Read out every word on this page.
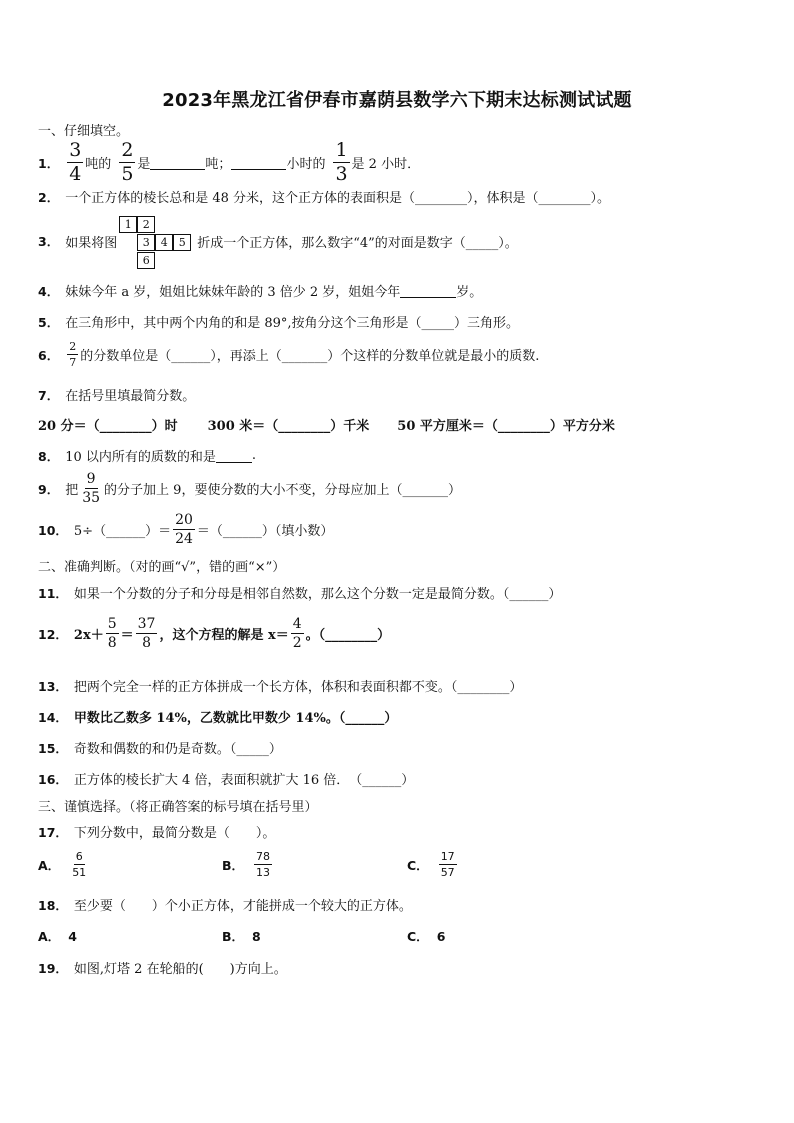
2023年黑龙江省伊春市嘉荫县数学六下期末达标测试试题
一、仔细填空。
1． $\frac{3}{4}$ 吨的 $\frac{2}{5}$ 是	吨；	小时的 $\frac{1}{3}$ 是 2 小时．
2． 一个正方体的棱长总和是 48 分米，这个正方体的表面积是（________），体积是（________）。
3． 如果将图
1	2
3	4	5
6
折成一个正方体，那么数字“4”的对面是数字（_____）。
4． 妹妹今年 a 岁，姐姐比妹妹年龄的 3 倍少 2 岁，姐姐今年	岁。
5． 在三角形中，其中两个内角的和是 89°,按角分这个三角形是（_____）三角形。
6． $\frac{2}{7}$ 的分数单位是（______），再添上（_______）个这样的分数单位就是最小的质数.
7． 在括号里填最简分数。
20 分＝（________）时 300 米＝（________）千米 50 平方厘米＝（________）平方分米
8． 10 以内所有的质数的和是	.
9． 把 $\frac{9}{35}$ 的分子加上 9，要使分数的大小不变，分母应加上（_______）
10． 5÷（______）＝ $\frac{20}{24}$ ＝（______）（填小数）
二、准确判断。（对的画“√”，错的画“×”）
11． 如果一个分数的分子和分母是相邻自然数，那么这个分数一定是最简分数。（______）
12． $2x+ \frac{5}{8} = \frac{37}{8}$ ，这个方程的解是 $x= \frac{4}{2}$ 。（________）
13． 把两个完全一样的正方体拼成一个长方体，体积和表面积都不变。（________）
14． 甲数比乙数多 14%，乙数就比甲数少 14%。（______）
15． 奇数和偶数的和仍是奇数。（_____）
16． 正方体的棱长扩大 4 倍，表面积就扩大 16 倍．　（______）
三、谨慎选择。（将正确答案的标号填在括号里）
17． 下列分数中，最简分数是（　　）。
A． $\frac{6}{51}$	B． $\frac{78}{13}$	C． $\frac{17}{57}$
18． 至少要（　　）个小正方体，才能拼成一个较大的正方体。
A． 4	B． 8	C． 6
19． 如图,灯塔 2 在轮船的(　　)方向上。
